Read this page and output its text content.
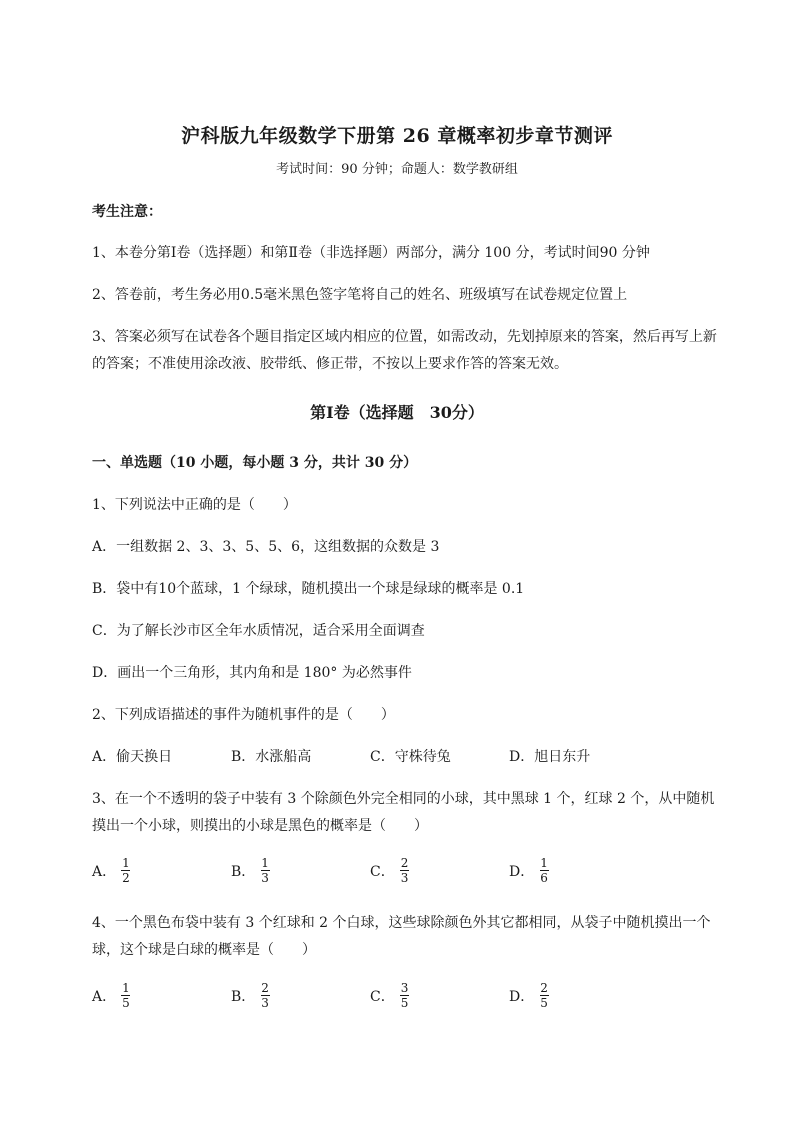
沪科版九年级数学下册第 26 章概率初步章节测评
考试时间：90 分钟；命题人：数学教研组
考生注意：
1、本卷分第Ⅰ卷（选择题）和第Ⅱ卷（非选择题）两部分，满分 100 分，考试时间90 分钟
2、答卷前，考生务必用0.5毫米黑色签字笔将自己的姓名、班级填写在试卷规定位置上
3、答案必须写在试卷各个题目指定区域内相应的位置，如需改动，先划掉原来的答案，然后再写上新
的答案；不准使用涂改液、胶带纸、修正带，不按以上要求作答的答案无效。
第Ⅰ卷（选择题　30分）
一、单选题（10 小题，每小题 3 分，共计 30 分）
1、下列说法中正确的是（　　）
A．一组数据 2、3、3、5、5、6，这组数据的众数是 3
B．袋中有10个蓝球，1 个绿球，随机摸出一个球是绿球的概率是 0.1
C．为了解长沙市区全年水质情况，适合采用全面调查
D．画出一个三角形，其内角和是 180° 为必然事件
2、下列成语描述的事件为随机事件的是（　　）
A．偷天换日	B．水涨船高	C．守株待兔	D．旭日东升
3、在一个不透明的袋子中装有 3 个除颜色外完全相同的小球，其中黑球 1 个，红球 2 个，从中随机
摸出一个小球，则摸出的小球是黑色的概率是（　　）
A． $\frac{1}{2}$	B． $\frac{1}{3}$	C． $\frac{2}{3}$	D． $\frac{1}{6}$
4、一个黑色布袋中装有 3 个红球和 2 个白球，这些球除颜色外其它都相同，从袋子中随机摸出一个
球，这个球是白球的概率是（　　）
A． $\frac{1}{5}$	B． $\frac{2}{3}$	C． $\frac{3}{5}$	D． $\frac{2}{5}$
